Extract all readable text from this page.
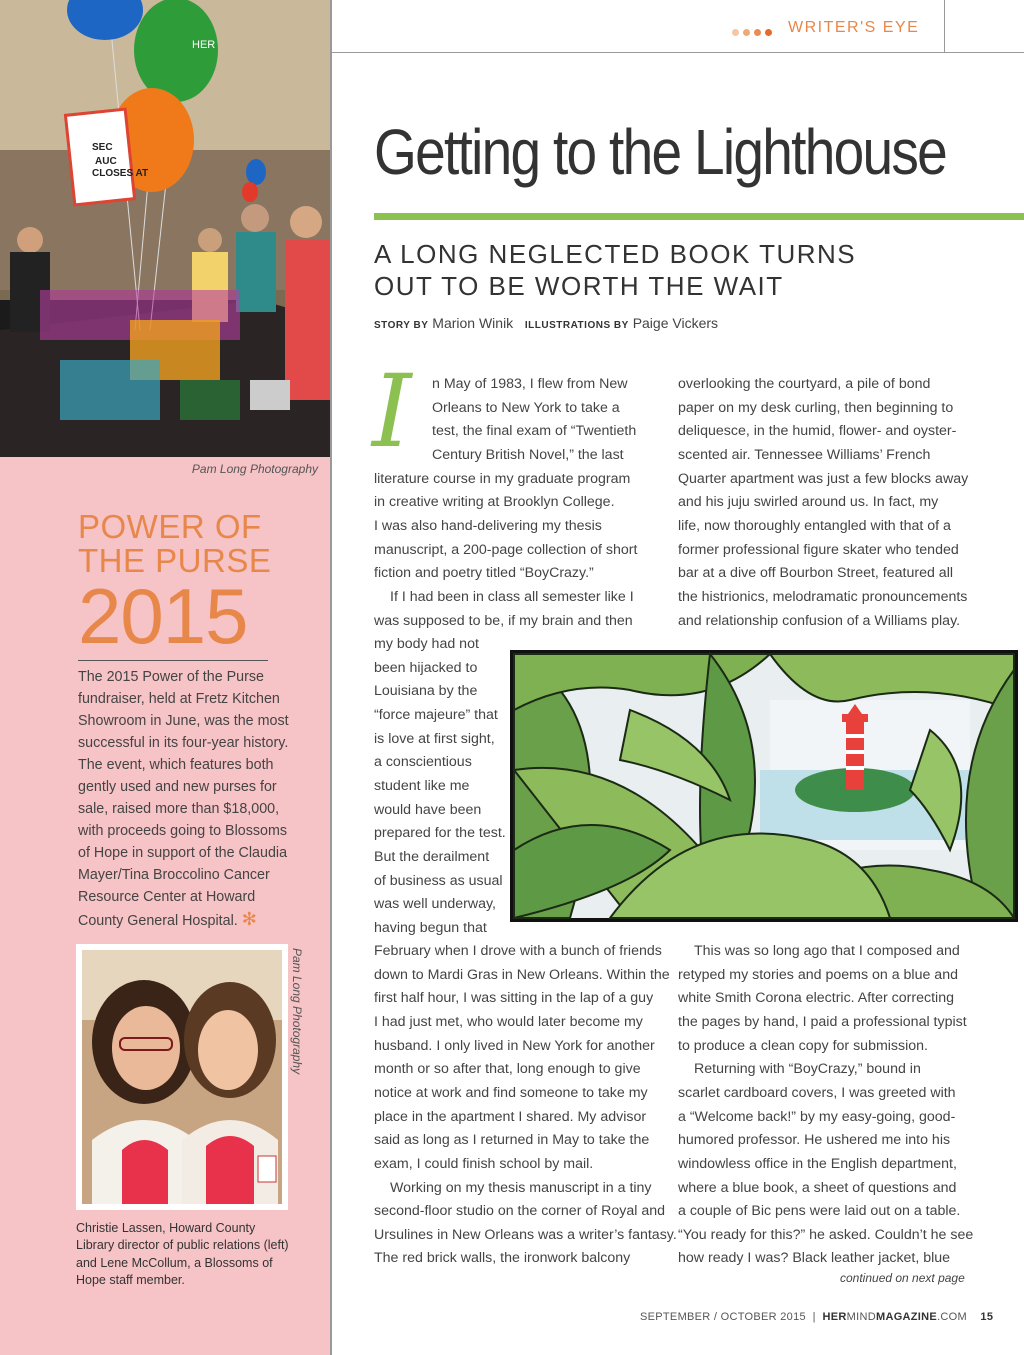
HER
SEC AUC CLOSES AT
Pam Long Photography
POWER OF
THE PURSE
2015
The 2015 Power of the Purse fundraiser, held at Fretz Kitchen Showroom in June, was the most successful in its four-year history. The event, which features both gently used and new purses for sale, raised more than $18,000, with proceeds going to Blossoms of Hope in support of the Claudia Mayer/Tina Broccolino Cancer Resource Center at Howard County General Hospital. ✻
Pam Long Photography
Christie Lassen, Howard County Library director of public relations (left) and Lene McCollum, a Blossoms of Hope staff member.
WRITER'S EYE
Getting to the Lighthouse
A LONG NEGLECTED BOOK TURNS
OUT TO BE WORTH THE WAIT
STORY BY Marion Winik ILLUSTRATIONS BY Paige Vickers
I n May of 1983, I flew from New
Orleans to New York to take a
test, the final exam of “Twentieth
Century British Novel,” the last
literature course in my graduate program
in creative writing at Brooklyn College.
I was also hand-delivering my thesis
manuscript, a 200-page collection of short
fiction and poetry titled “BoyCrazy.”
If I had been in class all semester like I
was supposed to be, if my brain and then
my body had not
been hijacked to
Louisiana by the
“force majeure” that
is love at first sight,
a conscientious
student like me
would have been
prepared for the test.
But the derailment
of business as usual
was well underway,
having begun that
overlooking the courtyard, a pile of bond
paper on my desk curling, then beginning to
deliquesce, in the humid, flower- and oyster-
scented air. Tennessee Williams’ French
Quarter apartment was just a few blocks away
and his juju swirled around us. In fact, my
life, now thoroughly entangled with that of a
former professional figure skater who tended
bar at a dive off Bourbon Street, featured all
the histrionics, melodramatic pronouncements
and relationship confusion of a Williams play.
February when I drove with a bunch of friends
down to Mardi Gras in New Orleans. Within the
first half hour, I was sitting in the lap of a guy
I had just met, who would later become my
husband. I only lived in New York for another
month or so after that, long enough to give
notice at work and find someone to take my
place in the apartment I shared. My advisor
said as long as I returned in May to take the
exam, I could finish school by mail.
Working on my thesis manuscript in a tiny
second-floor studio on the corner of Royal and
Ursulines in New Orleans was a writer’s fantasy.
The red brick walls, the ironwork balcony
This was so long ago that I composed and
retyped my stories and poems on a blue and
white Smith Corona electric. After correcting
the pages by hand, I paid a professional typist
to produce a clean copy for submission.
Returning with “BoyCrazy,” bound in
scarlet cardboard covers, I was greeted with
a “Welcome back!” by my easy-going, good-
humored professor. He ushered me into his
windowless office in the English department,
where a blue book, a sheet of questions and
a couple of Bic pens were laid out on a table.
“You ready for this?” he asked. Couldn’t he see
how ready I was? Black leather jacket, blue
continued on next page
SEPTEMBER / OCTOBER 2015 | HERMINDMAGAZINE.COM 15
